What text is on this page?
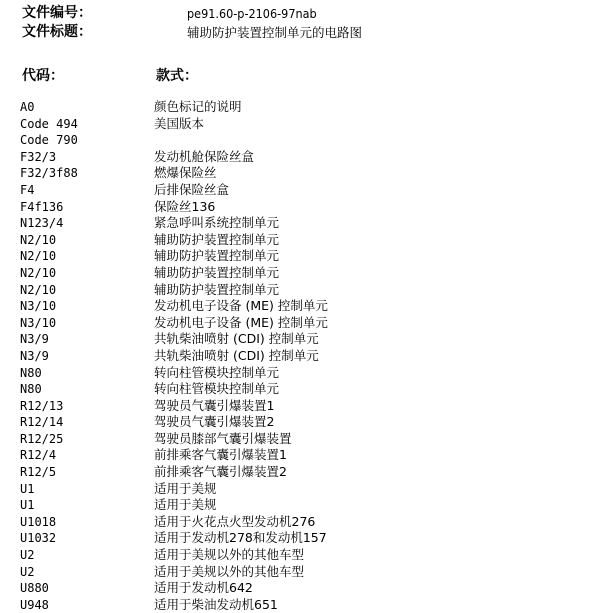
文件编号：	pe91.60-p-2106-97nab
文件标题：	辅助防护装置控制单元的电路图
代码：	款式：
A0	颜色标记的说明
Code 494	美国版本
Code 790
F32/3	发动机舱保险丝盒
F32/3f88	燃爆保险丝
F4	后排保险丝盒
F4f136	保险丝136
N123/4	紧急呼叫系统控制单元
N2/10	辅助防护装置控制单元
N2/10	辅助防护装置控制单元
N2/10	辅助防护装置控制单元
N2/10	辅助防护装置控制单元
N3/10	发动机电子设备 (ME) 控制单元
N3/10	发动机电子设备 (ME) 控制单元
N3/9	共轨柴油喷射 (CDI) 控制单元
N3/9	共轨柴油喷射 (CDI) 控制单元
N80	转向柱管模块控制单元
N80	转向柱管模块控制单元
R12/13	驾驶员气囊引爆装置1
R12/14	驾驶员气囊引爆装置2
R12/25	驾驶员膝部气囊引爆装置
R12/4	前排乘客气囊引爆装置1
R12/5	前排乘客气囊引爆装置2
U1	适用于美规
U1	适用于美规
U1018	适用于火花点火型发动机276
U1032	适用于发动机278和发动机157
U2	适用于美规以外的其他车型
U2	适用于美规以外的其他车型
U880	适用于发动机642
U948	适用于柴油发动机651
